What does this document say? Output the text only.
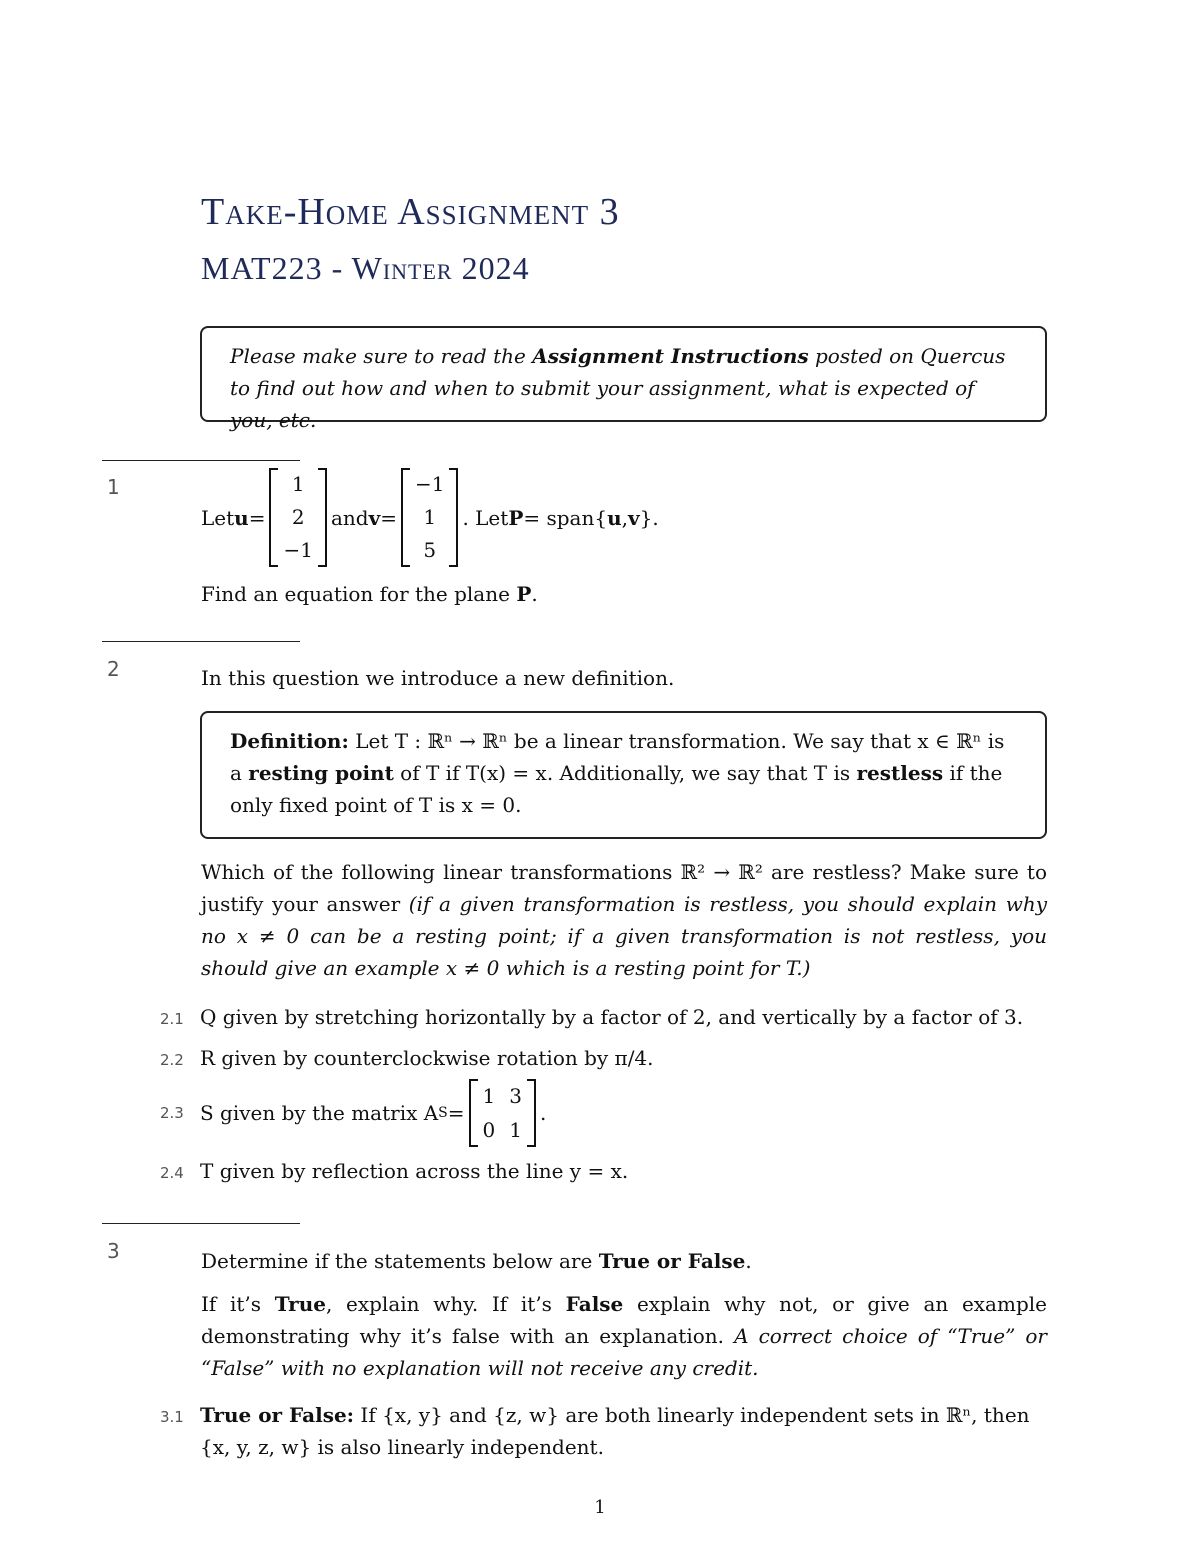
Take-Home Assignment 3
MAT223 - Winter 2024
Please make sure to read the Assignment Instructions posted on Quercus to find out how and when to submit your assignment, what is expected of you, etc.
1
Let u =
1
2
−1
and v =
−1
1
5
. Let P = span{ u , v }.
Find an equation for the plane P.
2	In this question we introduce a new definition.
Definition: Let T : ℝⁿ → ℝⁿ be a linear transformation. We say that x ∈ ℝⁿ is a resting point of T if T(x) = x. Additionally, we say that T is restless if the only fixed point of T is x = 0.
Which of the following linear transformations ℝ² → ℝ² are restless? Make sure to justify your answer (if a given transformation is restless, you should explain why no x ≠ 0 can be a resting point; if a given transformation is not restless, you should give an example x ≠ 0 which is a resting point for T.)
2.1 Q given by stretching horizontally by a factor of 2, and vertically by a factor of 3.
2.2 R given by counterclockwise rotation by π/4.
2.3 S given by the matrix A S =
1 3
0 1
.
2.4 T given by reflection across the line y = x.
3	Determine if the statements below are True or False.
If it’s True, explain why. If it’s False explain why not, or give an example demonstrating why it’s false with an explanation. A correct choice of “True” or “False” with no explanation will not receive any credit.
3.1 True or False: If {x, y} and {z, w} are both linearly independent sets in ℝⁿ, then {x, y, z, w} is also linearly independent.
1
